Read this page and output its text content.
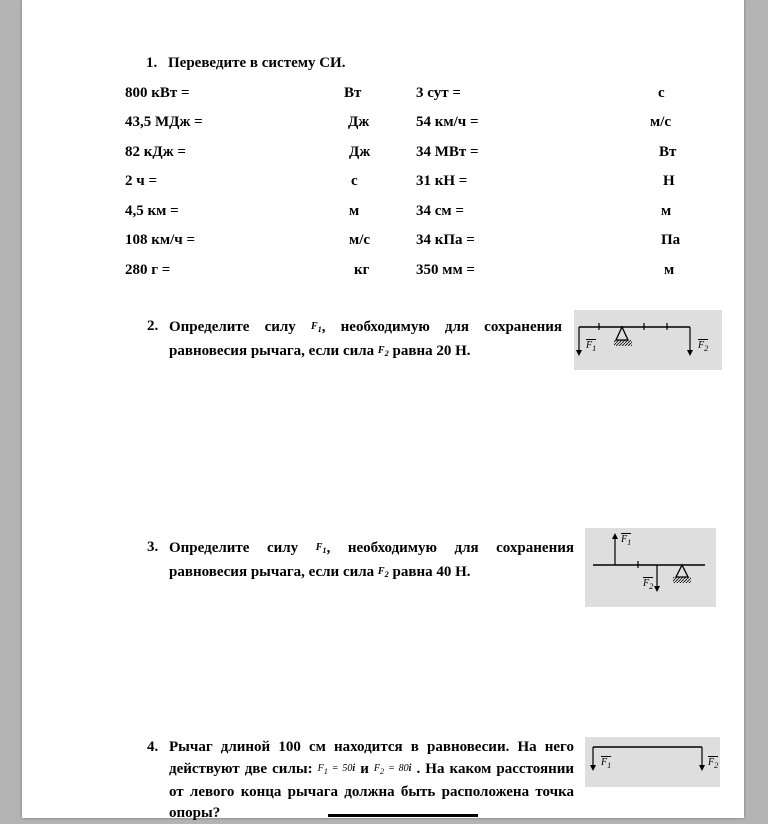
1. Переведите в систему СИ.
800 кВт =	Вт	3 сут =	с
43,5 МДж =	Дж	54 км/ч =	м/с
82 кДж =	Дж	34 МВт =	Вт
2 ч =	с	31 кН =	Н
4,5 км =	м	34 см =	м
108 км/ч =	м/с	34 кПа =	Па
280 г =	кг	350 мм =	м
2. Определите силу $F_1$, необходимую для сохранения равновесия рычага, если сила $F_2$ равна 20 Н.	$F_1$	$F_2$
3. Определите силу $F_1$, необходимую для сохранения равновесия рычага, если сила $F_2$ равна 40 Н.
$F_1$
$F_2$
4. Рычаг длиной 100 см находится в равновесии. На него действуют две силы: $F_1 = 50i$ и $F_2 = 80i$ . На каком расстоянии от левого конца рычага должна быть расположена точка опоры?
$F_1$	$F_2$
